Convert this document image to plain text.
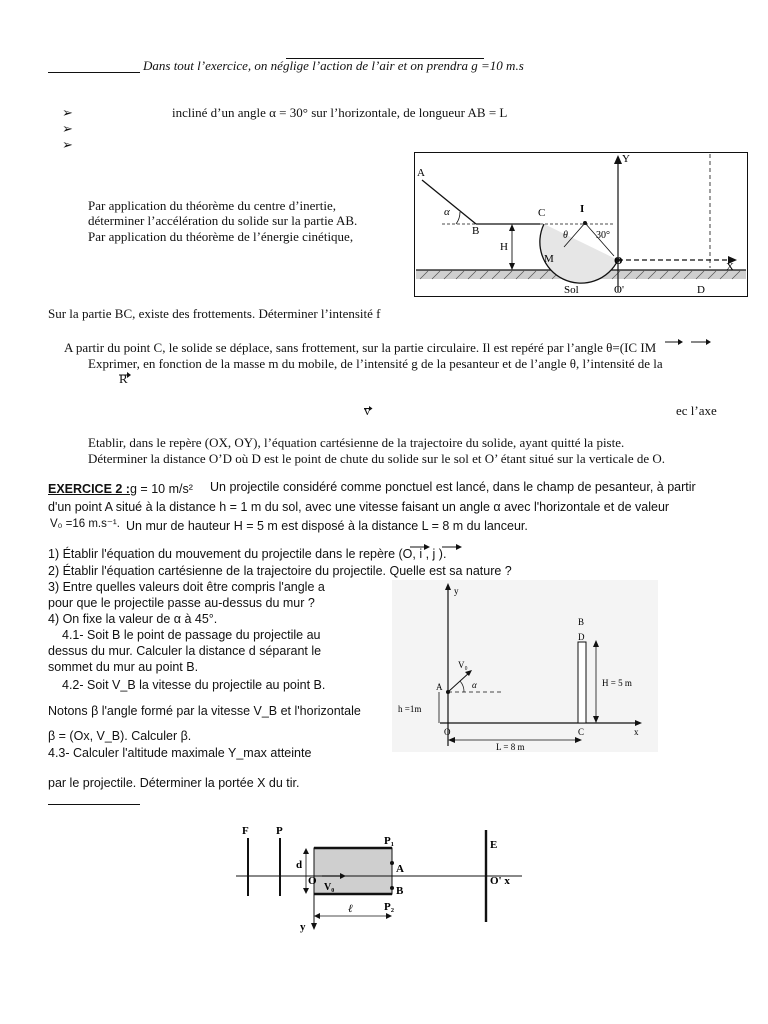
Dans tout l’exercice, on néglige l’action de l’air et on prendra g =10 m.s
➢
➢
➢
incliné d’un angle α = 30° sur l’horizontale, de longueur AB = L
Par application du théorème du centre d’inertie,
déterminer l’accélération du solide sur la partie AB.
Par application du théorème de l’énergie cinétique,
A
α
B
C	I
θ	30°
H
M	O
Y
X
Sol	O'	D
Sur la partie BC, existe des frottements. Déterminer l’intensité f
A partir du point C, le solide se déplace, sans frottement, sur la partie circulaire. Il est repéré par l’angle θ=(IC IM
Exprimer, en fonction de la masse m du mobile, de l’intensité g de la pesanteur et de l’angle θ, l’intensité de la
R
v	ec l’axe
Etablir, dans le repère (OX, OY), l’équation cartésienne de la trajectoire du solide, ayant quitté la piste.
Déterminer la distance O’D où D est le point de chute du solide sur le sol et O’ étant situé sur la verticale de O.
EXERCICE 2 : g = 10 m/s² Un projectile considéré comme ponctuel est lancé, dans le champ de pesanteur, à partir
d'un point A situé à la distance h = 1 m du sol, avec une vitesse faisant un angle α avec l'horizontale et de valeur
V₀ =16 m.s⁻¹. Un mur de hauteur H = 5 m est disposé à la distance L = 8 m du lanceur.
1) Établir l'équation du mouvement du projectile dans le repère (O, i , j ).
2) Établir l'équation cartésienne de la trajectoire du projectile. Quelle est sa nature ?
3) Entre quelles valeurs doit être compris l'angle a
pour que le projectile passe au-dessus du mur ?
4) On fixe la valeur de α à 45°.
4.1- Soit B le point de passage du projectile au
dessus du mur. Calculer la distance d séparant le
sommet du mur au point B.
4.2- Soit V_B la vitesse du projectile au point B.
Notons β l'angle formé par la vitesse V_B et l'horizontale
β = (Ox, V_B). Calculer β.
4.3- Calculer l'altitude maximale Y_max atteinte
par le projectile. Déterminer la portée X du tir.
y
B
D
V₀
α
A
h =1m
H = 5 m
O	C	x
L = 8 m
F P
P₁
d	A
O
V₀	B
P₂
ℓ
y
E
O' x
